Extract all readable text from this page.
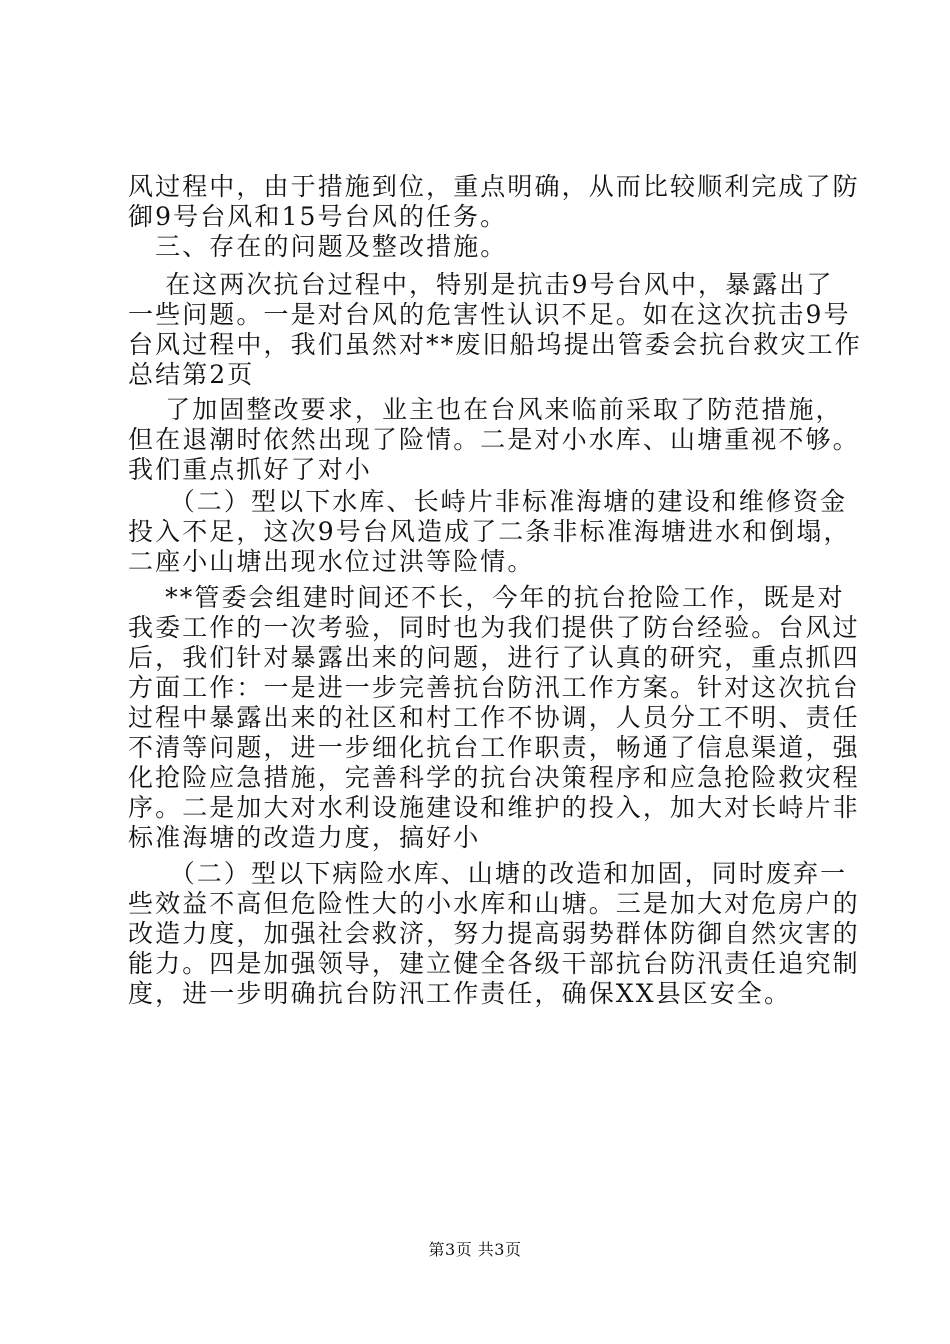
风过程中，由于措施到位，重点明确，从而比较顺利完成了防
御9号台风和15号台风的任务。
　三、存在的问题及整改措施。
　 在这两次抗台过程中，特别是抗击9号台风中，暴露出了
一些问题。一是对台风的危害性认识不足。如在这次抗击9号
台风过程中，我们虽然对**废旧船坞提出管委会抗台救灾工作
总结第2页
　 了加固整改要求，业主也在台风来临前采取了防范措施，
但在退潮时依然出现了险情。二是对小水库、山塘重视不够。
我们重点抓好了对小
　　（二）型以下水库、长峙片非标准海塘的建设和维修资金
投入不足，这次9号台风造成了二条非标准海塘进水和倒塌，
二座小山塘出现水位过洪等险情。
　 **管委会组建时间还不长，今年的抗台抢险工作，既是对
我委工作的一次考验，同时也为我们提供了防台经验。台风过
后，我们针对暴露出来的问题，进行了认真的研究，重点抓四
方面工作：一是进一步完善抗台防汛工作方案。针对这次抗台
过程中暴露出来的社区和村工作不协调，人员分工不明、责任
不清等问题，进一步细化抗台工作职责，畅通了信息渠道，强
化抢险应急措施，完善科学的抗台决策程序和应急抢险救灾程
序。二是加大对水利设施建设和维护的投入，加大对长峙片非
标准海塘的改造力度，搞好小
　　（二）型以下病险水库、山塘的改造和加固，同时废弃一
些效益不高但危险性大的小水库和山塘。三是加大对危房户的
改造力度，加强社会救济，努力提高弱势群体防御自然灾害的
能力。四是加强领导，建立健全各级干部抗台防汛责任追究制
度，进一步明确抗台防汛工作责任，确保XX县区安全。
第3页 共3页
